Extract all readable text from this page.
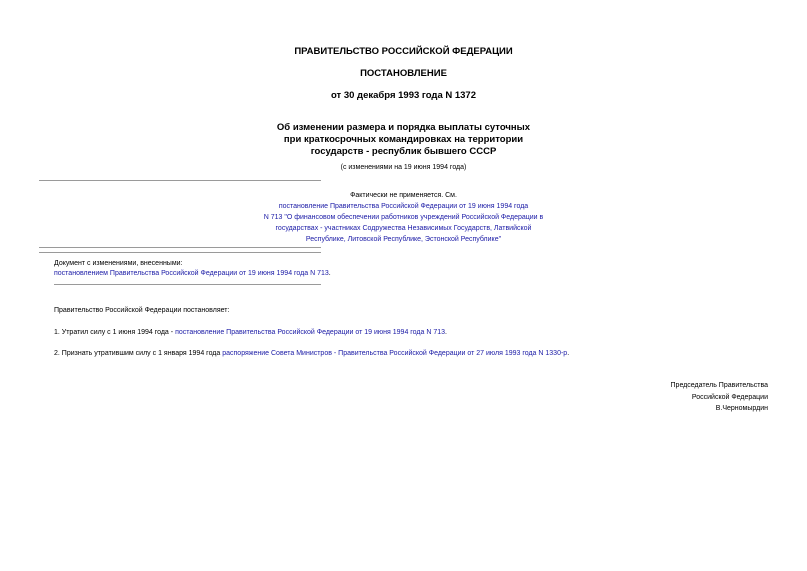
ПРАВИТЕЛЬСТВО РОССИЙСКОЙ ФЕДЕРАЦИИ
ПОСТАНОВЛЕНИЕ
от 30 декабря 1993 года N 1372
Об изменении размера и порядка выплаты суточных
при краткосрочных командировках на территории
государств - республик бывшего СССР
(с изменениями на 19 июня 1994 года)
Фактически не применяется. См.
постановление Правительства Российской Федерации от 19 июня 1994 года
N 713 "О финансовом обеспечении работников учреждений Российской Федерации в
государствах - участниках Содружества Независимых Государств, Латвийской
Республике, Литовской Республике, Эстонской Республике"
Документ с изменениями, внесенными:
постановлением Правительства Российской Федерации от 19 июня 1994 года N 713.
Правительство Российской Федерации постановляет:
1. Утратил силу с 1 июня 1994 года - постановление Правительства Российской Федерации от 19 июня 1994 года N 713.
2. Признать утратившим силу с 1 января 1994 года распоряжение Совета Министров - Правительства Российской Федерации от 27 июля 1993 года N 1330-р.
Председатель Правительства
Российской Федерации
В.Черномырдин
